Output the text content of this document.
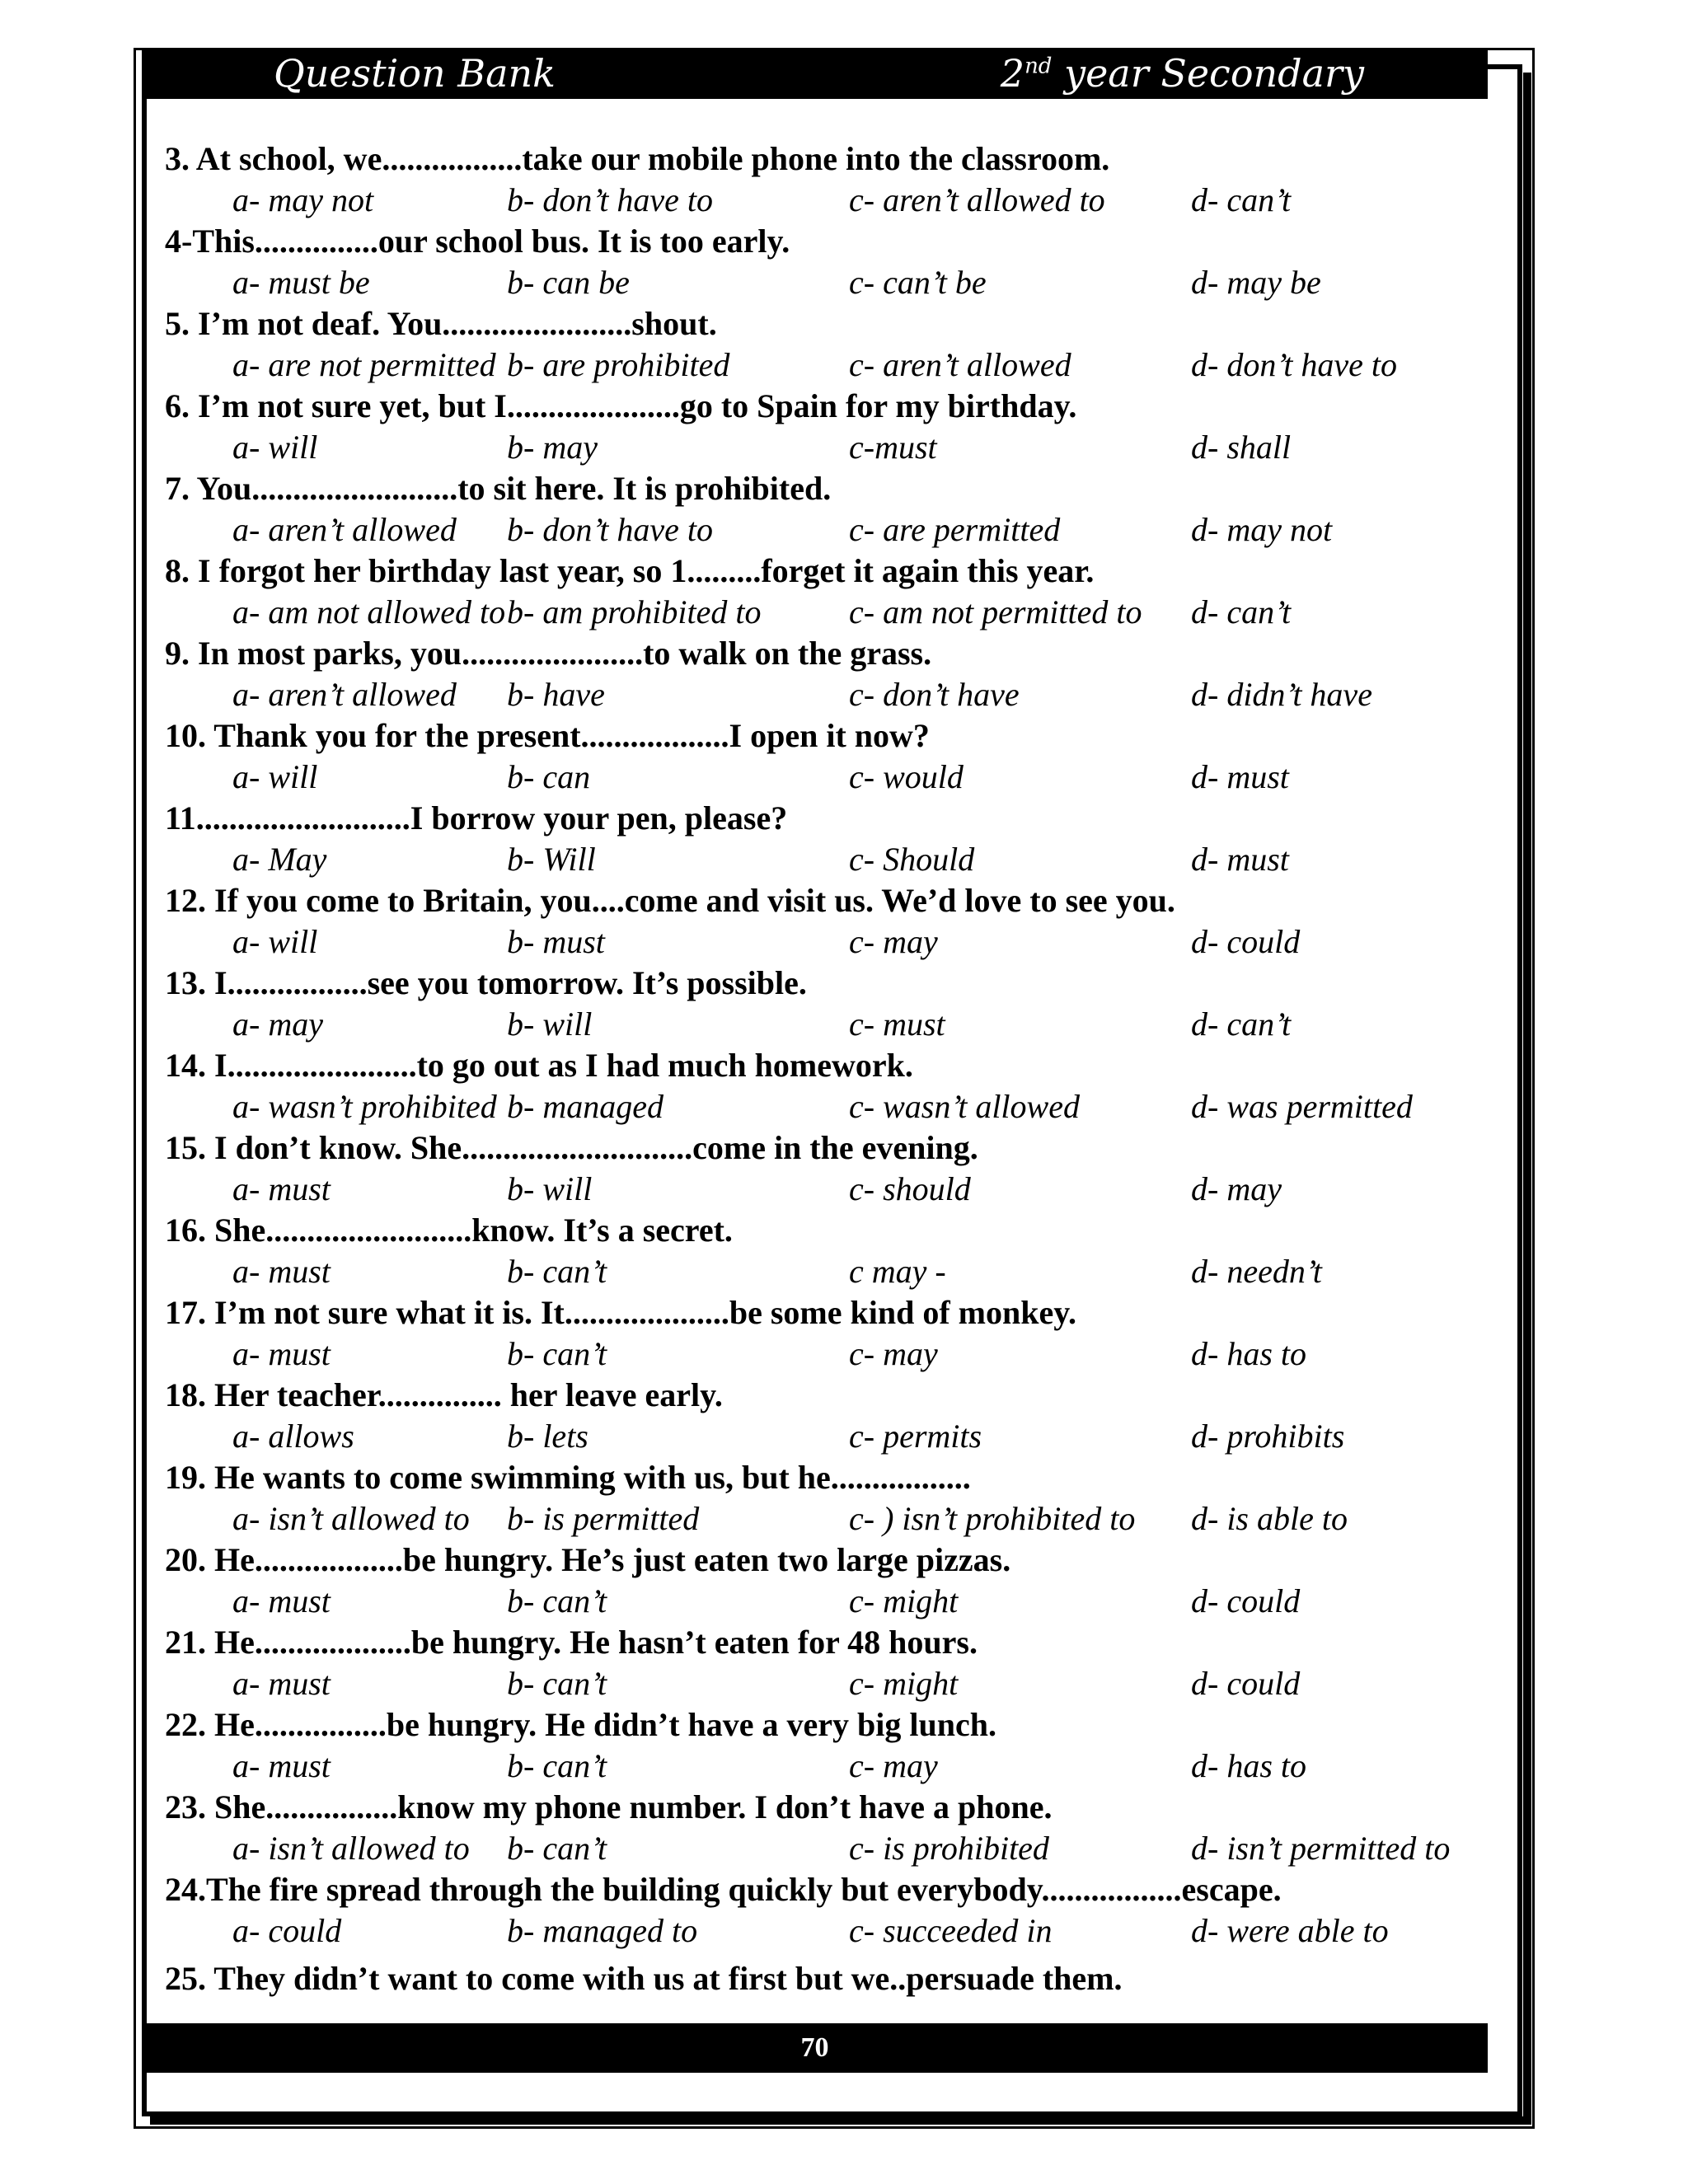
Question Bank	2nd year Secondary
3. At school, we.................take our mobile phone into the classroom.
a- may not	b- don’t have to	c- aren’t allowed to	d- can’t
4-This...............our school bus. It is too early.
a- must be	b- can be	c- can’t be	d- may be
5. I’m not deaf. You.......................shout.
a- are not permitted b- are prohibited	c- aren’t allowed	d- don’t have to
6. I’m not sure yet, but I.....................go to Spain for my birthday.
a- will	b- may	c-must	d- shall
7. You.........................to sit here. It is prohibited.
a- aren’t allowed b- don’t have to	c- are permitted	d- may not
8. I forgot her birthday last year, so 1.........forget it again this year.
a- am not allowed to b- am prohibited to	c- am not permitted to d- can’t
9. In most parks, you......................to walk on the grass.
a- aren’t allowed b- have	c- don’t have	d- didn’t have
10. Thank you for the present..................I open it now?
a- will	b- can	c- would	d- must
11..........................I borrow your pen, please?
a- May	b- Will	c- Should	d- must
12. If you come to Britain, you....come and visit us. We’d love to see you.
a- will	b- must	c- may	d- could
13. I.................see you tomorrow. It’s possible.
a- may	b- will	c- must	d- can’t
14. I.......................to go out as I had much homework.
a- wasn’t prohibited b- managed	c- wasn’t allowed	d- was permitted
15. I don’t know. She............................come in the evening.
a- must	b- will	c- should	d- may
16. She.........................know. It’s a secret.
a- must	b- can’t	c may -	d- needn’t
17. I’m not sure what it is. It....................be some kind of monkey.
a- must	b- can’t	c- may	d- has to
18. Her teacher............... her leave early.
a- allows	b- lets	c- permits	d- prohibits
19. He wants to come swimming with us, but he.................
a- isn’t allowed to b- is permitted	c- ) isn’t prohibited to d- is able to
20. He..................be hungry. He’s just eaten two large pizzas.
a- must	b- can’t	c- might	d- could
21. He...................be hungry. He hasn’t eaten for 48 hours.
a- must	b- can’t	c- might	d- could
22. He................be hungry. He didn’t have a very big lunch.
a- must	b- can’t	c- may	d- has to
23. She................know my phone number. I don’t have a phone.
a- isn’t allowed to b- can’t	c- is prohibited	d- isn’t permitted to
24.The fire spread through the building quickly but everybody.................escape.
a- could	b- managed to	c- succeeded in	d- were able to
25. They didn’t want to come with us at first but we..persuade them.
70
